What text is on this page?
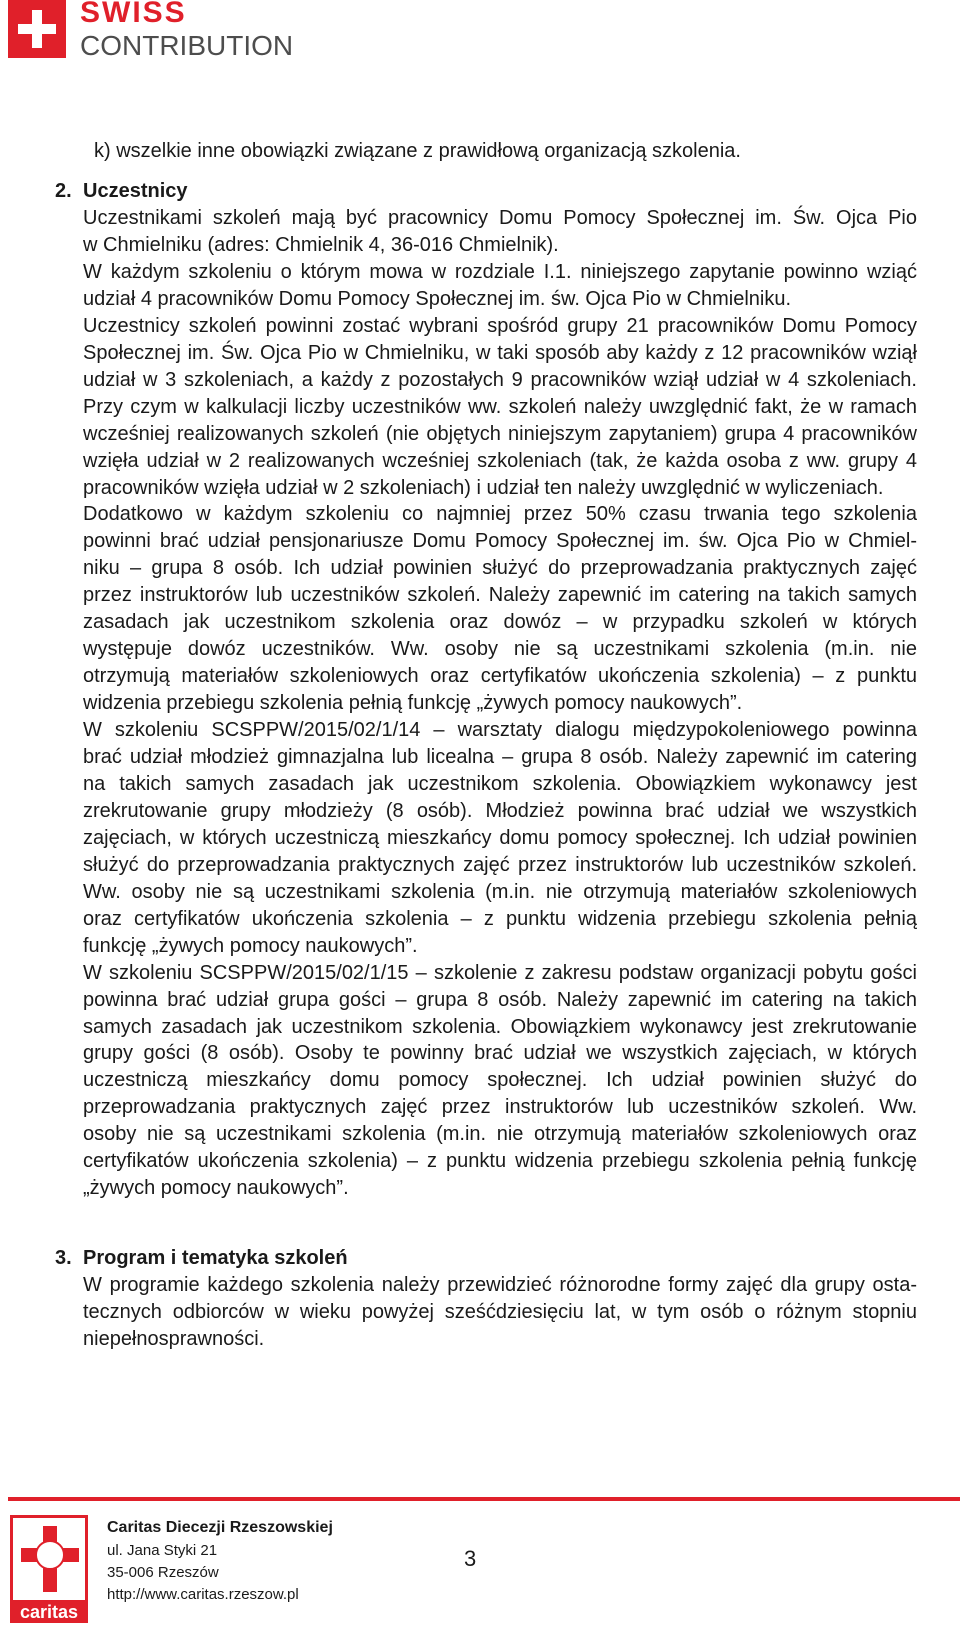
SWISS
CONTRIBUTION
k) wszelkie inne obowiązki związane z prawidłową organizacją szkolenia.
2. Uczestnicy
Uczestnikami szkoleń mają być pracownicy Domu Pomocy Społecznej im. Św. Ojca Pio
w Chmielniku (adres: Chmielnik 4, 36-016 Chmielnik).
W każdym szkoleniu o którym mowa w rozdziale I.1. niniejszego zapytanie powinno wziąć
udział 4 pracowników Domu Pomocy Społecznej im. św. Ojca Pio w Chmielniku.
Uczestnicy szkoleń powinni zostać wybrani spośród grupy 21 pracowników Domu Pomocy
Społecznej im. Św. Ojca Pio w Chmielniku, w taki sposób aby każdy z 12 pracowników wziął
udział w 3 szkoleniach, a każdy z pozostałych 9 pracowników wziął udział w 4 szkoleniach.
Przy czym w kalkulacji liczby uczestników ww. szkoleń należy uwzględnić fakt, że w ramach
wcześniej realizowanych szkoleń (nie objętych niniejszym zapytaniem) grupa 4 pracowników
wzięła udział w 2 realizowanych wcześniej szkoleniach (tak, że każda osoba z ww. grupy 4
pracowników wzięła udział w 2 szkoleniach) i udział ten należy uwzględnić w wyliczeniach.
Dodatkowo w każdym szkoleniu co najmniej przez 50% czasu trwania tego szkolenia
powinni brać udział pensjonariusze Domu Pomocy Społecznej im. św. Ojca Pio w Chmiel-
niku – grupa 8 osób. Ich udział powinien służyć do przeprowadzania praktycznych zajęć
przez instruktorów lub uczestników szkoleń. Należy zapewnić im catering na takich samych
zasadach jak uczestnikom szkolenia oraz dowóz – w przypadku szkoleń w których
występuje dowóz uczestników. Ww. osoby nie są uczestnikami szkolenia (m.in. nie
otrzymują materiałów szkoleniowych oraz certyfikatów ukończenia szkolenia) – z punktu
widzenia przebiegu szkolenia pełnią funkcję „żywych pomocy naukowych”.
W szkoleniu SCSPPW/2015/02/1/14 – warsztaty dialogu międzypokoleniowego powinna
brać udział młodzież gimnazjalna lub licealna – grupa 8 osób. Należy zapewnić im catering
na takich samych zasadach jak uczestnikom szkolenia. Obowiązkiem wykonawcy jest
zrekrutowanie grupy młodzieży (8 osób). Młodzież powinna brać udział we wszystkich
zajęciach, w których uczestniczą mieszkańcy domu pomocy społecznej. Ich udział powinien
służyć do przeprowadzania praktycznych zajęć przez instruktorów lub uczestników szkoleń.
Ww. osoby nie są uczestnikami szkolenia (m.in. nie otrzymują materiałów szkoleniowych
oraz certyfikatów ukończenia szkolenia – z punktu widzenia przebiegu szkolenia pełnią
funkcję „żywych pomocy naukowych”.
W szkoleniu SCSPPW/2015/02/1/15 – szkolenie z zakresu podstaw organizacji pobytu gości
powinna brać udział grupa gości – grupa 8 osób. Należy zapewnić im catering na takich
samych zasadach jak uczestnikom szkolenia. Obowiązkiem wykonawcy jest zrekrutowanie
grupy gości (8 osób). Osoby te powinny brać udział we wszystkich zajęciach, w których
uczestniczą mieszkańcy domu pomocy społecznej. Ich udział powinien służyć do
przeprowadzania praktycznych zajęć przez instruktorów lub uczestników szkoleń. Ww.
osoby nie są uczestnikami szkolenia (m.in. nie otrzymują materiałów szkoleniowych oraz
certyfikatów ukończenia szkolenia) – z punktu widzenia przebiegu szkolenia pełnią funkcję
„żywych pomocy naukowych”.
3. Program i tematyka szkoleń
W programie każdego szkolenia należy przewidzieć różnorodne formy zajęć dla grupy osta-
tecznych odbiorców w wieku powyżej sześćdziesięciu lat, w tym osób o różnym stopniu
niepełnosprawności.
caritas
Caritas Diecezji Rzeszowskiej
ul. Jana Styki 21
35-006 Rzeszów
http://www.caritas.rzeszow.pl
3
